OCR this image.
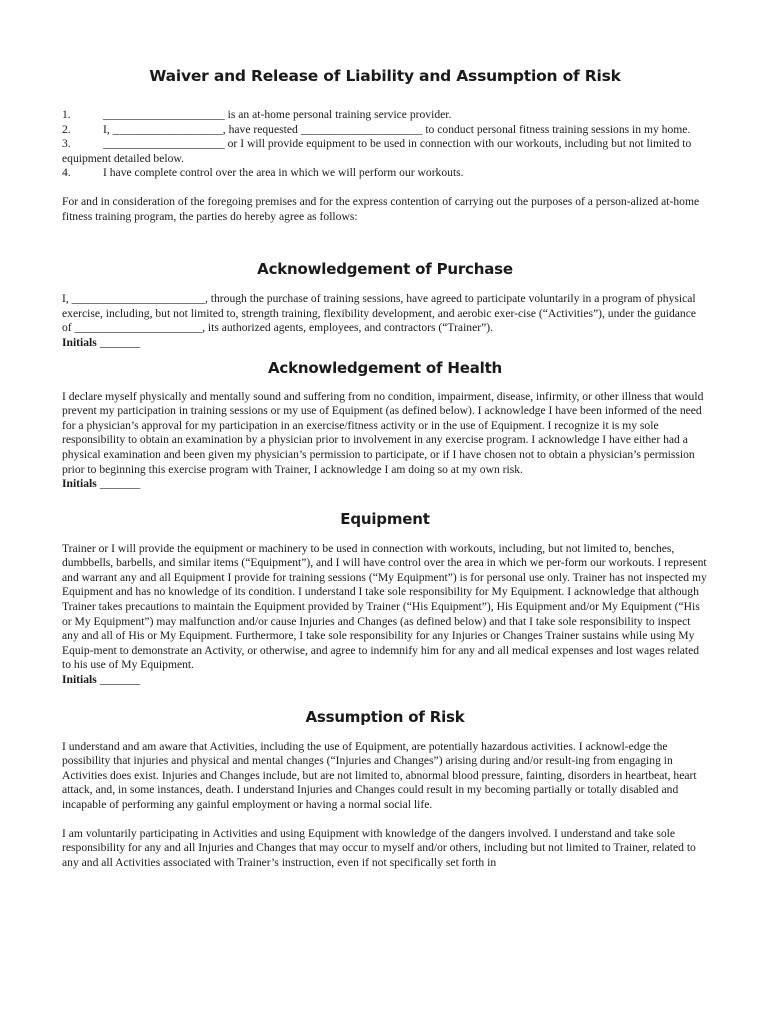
Waiver and Release of Liability and Assumption of Risk
1.	_____________________ is an at-home personal training service provider.
2.	I, ___________________, have requested _____________________ to conduct personal fitness training sessions in my home.
3.	_____________________ or I will provide equipment to be used in connection with our workouts, including but not limited to equipment detailed below.
4.	I have complete control over the area in which we will perform our workouts.

For and in consideration of the foregoing premises and for the express contention of carrying out the purposes of a person-alized at-home fitness training program, the parties do hereby agree as follows:

Acknowledgement of Purchase

I, _______________________, through the purchase of training sessions, have agreed to participate voluntarily in a program of physical exercise, including, but not limited to, strength training, flexibility development, and aerobic exer-cise (“Activities”), under the guidance of ______________________, its authorized agents, employees, and contractors (“Trainer”).

Initials _______
Acknowledgement of Health

I declare myself physically and mentally sound and suffering from no condition, impairment, disease, infirmity, or other illness that would prevent my participation in training sessions or my use of Equipment (as defined below). I acknowledge I have been informed of the need for a physician’s approval for my participation in an exercise/fitness activity or in the use of Equipment. I recognize it is my sole responsibility to obtain an examination by a physician prior to involvement in any exercise program. I acknowledge I have either had a physical examination and been given my physician’s permission to participate, or if I have chosen not to obtain a physician’s permission prior to beginning this exercise program with Trainer, I acknowledge I am doing so at my own risk.

Initials _______
Equipment

Trainer or I will provide the equipment or machinery to be used in connection with workouts, including, but not limited to, benches, dumbbells, barbells, and similar items (“Equipment”), and I will have control over the area in which we per-form our workouts. I represent and warrant any and all Equipment I provide for training sessions (“My Equipment”) is for personal use only. Trainer has not inspected my Equipment and has no knowledge of its condition. I understand I take sole responsibility for My Equipment. I acknowledge that although Trainer takes precautions to maintain the Equipment provided by Trainer (“His Equipment”), His Equipment and/or My Equipment (“His or My Equipment”) may malfunction and/or cause Injuries and Changes (as defined below) and that I take sole responsibility to inspect any and all of His or My Equipment. Furthermore, I take sole responsibility for any Injuries or Changes Trainer sustains while using My Equip-ment to demonstrate an Activity, or otherwise, and agree to indemnify him for any and all medical expenses and lost wages related to his use of My Equipment.

Initials _______
Assumption of Risk

I understand and am aware that Activities, including the use of Equipment, are potentially hazardous activities. I acknowl-edge the possibility that injuries and physical and mental changes (“Injuries and Changes”) arising during and/or result-ing from engaging in Activities does exist. Injuries and Changes include, but are not limited to, abnormal blood pressure, fainting, disorders in heartbeat, heart attack, and, in some instances, death. I understand Injuries and Changes could result in my becoming partially or totally disabled and incapable of performing any gainful employment or having a normal social life.

I am voluntarily participating in Activities and using Equipment with knowledge of the dangers involved. I understand and take sole responsibility for any and all Injuries and Changes that may occur to myself and/or others, including but not limited to Trainer, related to any and all Activities associated with Trainer’s instruction, even if not specifically set forth in
